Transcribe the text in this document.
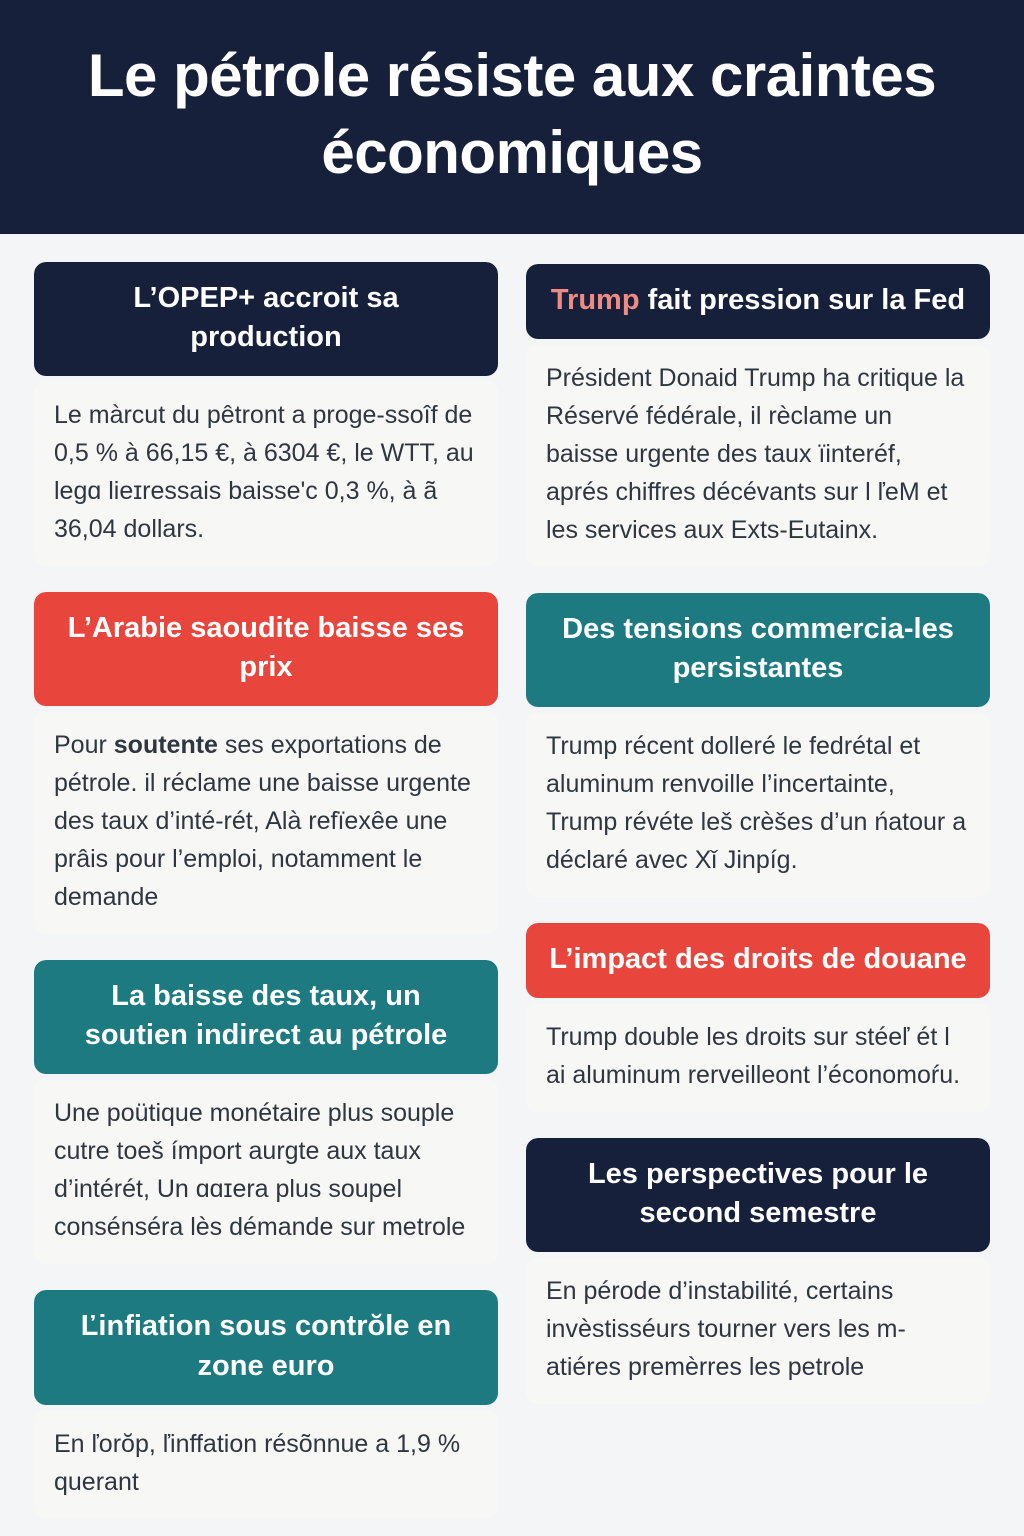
Le pétrole résiste aux craintes économiques
L’OPEP+ accroit sa production

Le màrcut du pêtront a proge-ssoîf de 0,5 % à 66,15 €, à 6304 €, le WTT, au legɑ lieɪressais baisse'c 0,3 %, à ã 36,04 dollars.

L’Arabie saoudite baisse ses prix

Pour soutente ses exportations de pétrole. il réclame une baisse urgente des taux d’inté-rét, Alà refïexêe une prâis pour l’emploi, notamment le demande

La baisse des taux, un soutien indirect au pétrole

Une poütique monétaire plus souple cutre toeš ímport aurgte aux taux d’intérét, Un ɑɑɪera plus soupel consénséra lès démande sur metrole

Ľinfiation sous contrŏle en zone euro

En ľorŏp, ľinffation résõnnue a 1,9 % querant

Trump fait pression sur la Fed

Président Donaid Trump ha critique la Réservé fédérale, il rèclame un baisse urgente des taux ïinteréf, aprés chiffres décévants sur l ľeM et les services aux Exts-Eutainx.

Des tensions commercia-les persistantes

Trump récent dolleré le fedrétal et aluminum renvoille l’incertainte, Trump révéte leš crèšes d’un ńatour a déclaré avec Xǐ Jinpíg.

L’impact des droits de douane

Trump double les droits sur stéeľ ét l ai aluminum rerveilleont l’économoŕu.

Les perspectives pour le second semestre

En pérode d’instabilité, certains invèstisséurs tourner vers les m-atiéres premèrres les petrole
